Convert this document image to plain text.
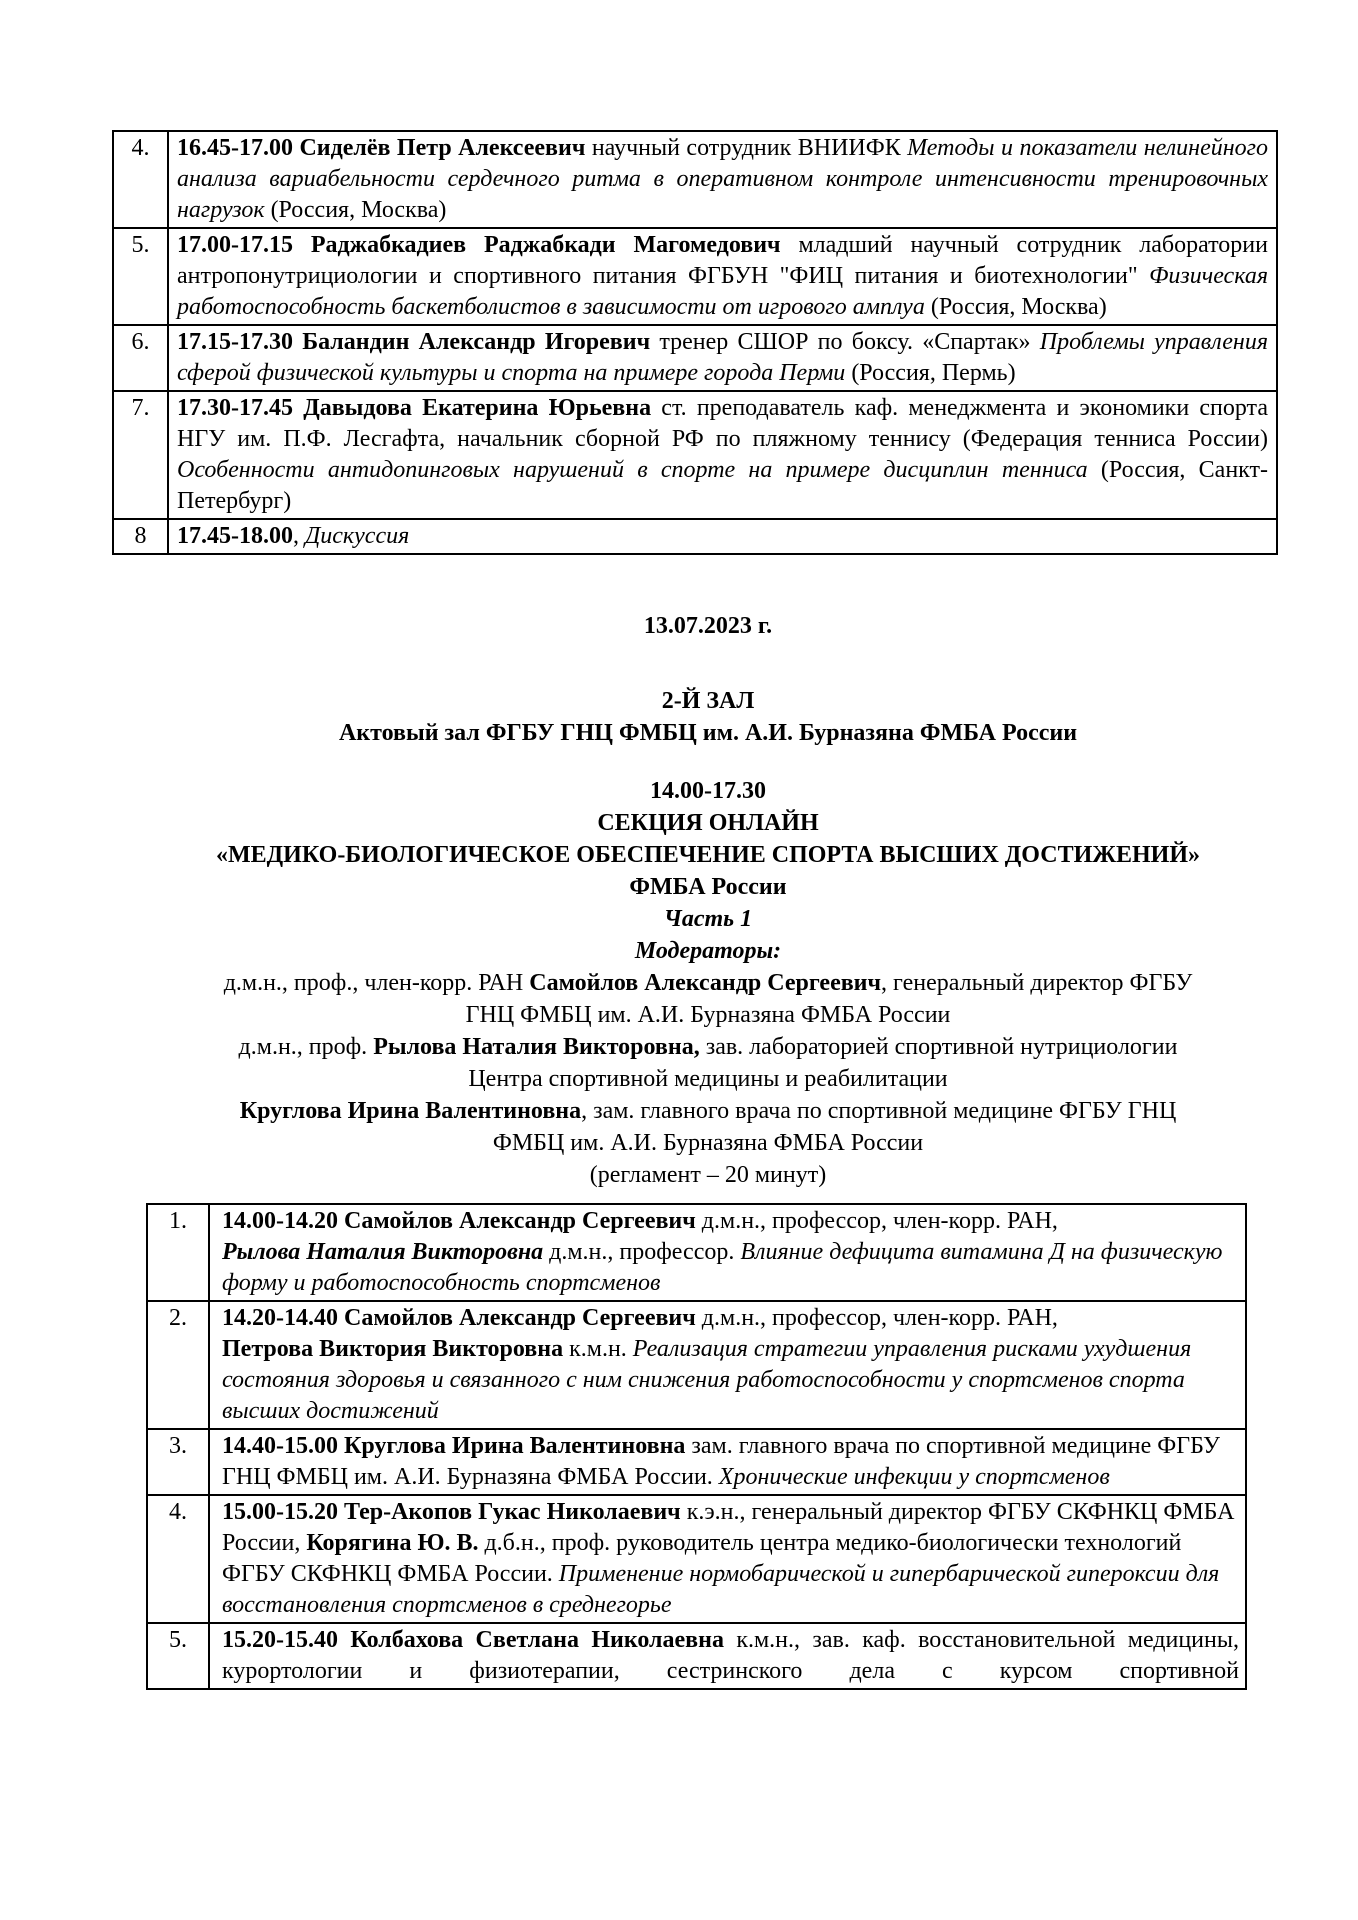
4.	16.45-17.00 Сиделёв Петр Алексеевич научный сотрудник ВНИИФК Методы и показатели нелинейного анализа вариабельности сердечного ритма в оперативном контроле интенсивности тренировочных нагрузок (Россия, Москва)
5.	17.00-17.15 Раджабкадиев Раджабкади Магомедович младший научный сотрудник лаборатории антропонутрициологии и спортивного питания ФГБУН "ФИЦ питания и биотехнологии" Физическая работоспособность баскетболистов в зависимости от игрового амплуа (Россия, Москва)
6.	17.15-17.30 Баландин Александр Игоревич тренер СШОР по боксу. «Спартак» Проблемы управления сферой физической культуры и спорта на примере города Перми (Россия, Пермь)
7.	17.30-17.45 Давыдова Екатерина Юрьевна ст. преподаватель каф. менеджмента и экономики спорта НГУ им. П.Ф. Лесгафта, начальник сборной РФ по пляжному теннису (Федерация тенниса России) Особенности антидопинговых нарушений в спорте на примере дисциплин тенниса (Россия, Санкт-Петербург)
8	17.45-18.00, Дискуссия
13.07.2023 г.
2-Й ЗАЛ
Актовый зал ФГБУ ГНЦ ФМБЦ им. А.И. Бурназяна ФМБА России
14.00-17.30
СЕКЦИЯ ОНЛАЙН
«МЕДИКО-БИОЛОГИЧЕСКОЕ ОБЕСПЕЧЕНИЕ СПОРТА ВЫСШИХ ДОСТИЖЕНИЙ»
ФМБА России
Часть 1
Модераторы:
д.м.н., проф., член-корр. РАН Самойлов Александр Сергеевич, генеральный директор ФГБУ
ГНЦ ФМБЦ им. А.И. Бурназяна ФМБА России
д.м.н., проф. Рылова Наталия Викторовна, зав. лабораторией спортивной нутрициологии
Центра спортивной медицины и реабилитации
Круглова Ирина Валентиновна, зам. главного врача по спортивной медицине ФГБУ ГНЦ
ФМБЦ им. А.И. Бурназяна ФМБА России
(регламент – 20 минут)
1.	14.00-14.20 Самойлов Александр Сергеевич д.м.н., профессор, член-корр. РАН,
Рылова Наталия Викторовна д.м.н., профессор. Влияние дефицита витамина Д на физическую форму и работоспособность спортсменов
2.	14.20-14.40 Самойлов Александр Сергеевич д.м.н., профессор, член-корр. РАН,
Петрова Виктория Викторовна к.м.н. Реализация стратегии управления рисками ухудшения состояния здоровья и связанного с ним снижения работоспособности у спортсменов спорта высших достижений
3.	14.40-15.00 Круглова Ирина Валентиновна зам. главного врача по спортивной медицине ФГБУ ГНЦ ФМБЦ им. А.И. Бурназяна ФМБА России. Хронические инфекции у спортсменов
4.	15.00-15.20 Тер-Акопов Гукас Николаевич к.э.н., генеральный директор ФГБУ СКФНКЦ ФМБА России, Корягина Ю. В. д.б.н., проф. руководитель центра медико-биологически технологий ФГБУ СКФНКЦ ФМБА России. Применение нормобарической и гипербарической гипероксии для восстановления спортсменов в среднегорье
5.	15.20-15.40 Колбахова Светлана Николаевна к.м.н., зав. каф. восстановительной медицины, курортологии и физиотерапии, сестринского дела с курсом спортивной
